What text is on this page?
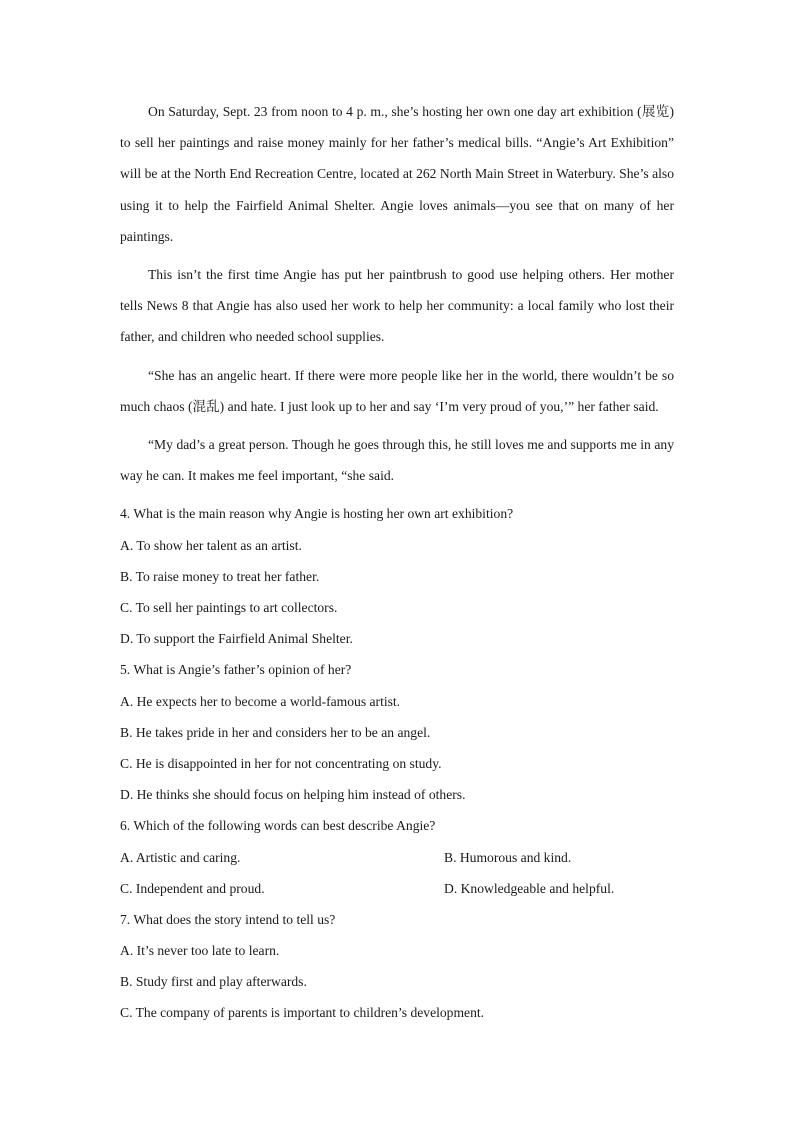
On Saturday, Sept. 23 from noon to 4 p. m., she’s hosting her own one day art exhibition (展览) to sell her paintings and raise money mainly for her father’s medical bills. “Angie’s Art Exhibition” will be at the North End Recreation Centre, located at 262 North Main Street in Waterbury. She’s also using it to help the Fairfield Animal Shelter. Angie loves animals—you see that on many of her paintings.

This isn’t the first time Angie has put her paintbrush to good use helping others. Her mother tells News 8 that Angie has also used her work to help her community: a local family who lost their father, and children who needed school supplies.

“She has an angelic heart. If there were more people like her in the world, there wouldn’t be so much chaos (混乱) and hate. I just look up to her and say ‘I’m very proud of you,’” her father said.

“My dad’s a great person. Though he goes through this, he still loves me and supports me in any way he can. It makes me feel important, “she said.

4. What is the main reason why Angie is hosting her own art exhibition?

A. To show her talent as an artist.

B. To raise money to treat her father.

C. To sell her paintings to art collectors.

D. To support the Fairfield Animal Shelter.

5. What is Angie’s father’s opinion of her?

A. He expects her to become a world-famous artist.

B. He takes pride in her and considers her to be an angel.

C. He is disappointed in her for not concentrating on study.

D. He thinks she should focus on helping him instead of others.

6. Which of the following words can best describe Angie?

A. Artistic and caring.	B. Humorous and kind.
C. Independent and proud.	D. Knowledgeable and helpful.

7. What does the story intend to tell us?

A. It’s never too late to learn.

B. Study first and play afterwards.

C. The company of parents is important to children’s development.
